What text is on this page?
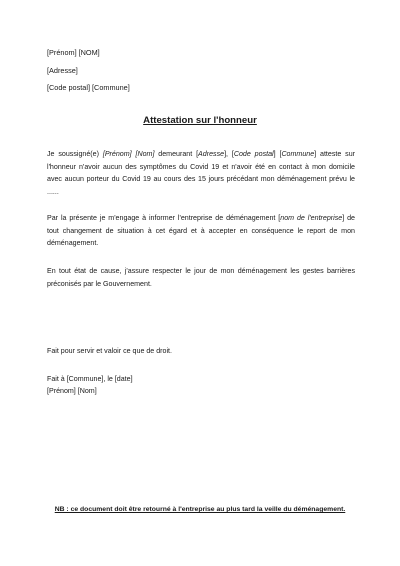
[Prénom] [NOM]
[Adresse]
[Code postal] [Commune]
Attestation sur l'honneur
Je soussigné(e) [Prénom] [Nom] demeurant [Adresse], [Code postal] [Commune] atteste sur l'honneur n'avoir aucun des symptômes du Covid 19 et n'avoir été en contact à mon domicile avec aucun porteur du Covid 19 au cours des 15 jours précédant mon déménagement prévu le ......
Par la présente je m'engage à informer l'entreprise de déménagement [nom de l'entreprise] de tout changement de situation à cet égard et à accepter en conséquence le report de mon déménagement.
En tout état de cause, j'assure respecter le jour de mon déménagement les gestes barrières préconisés par le Gouvernement.
Fait pour servir et valoir ce que de droit.
Fait à [Commune], le [date]
[Prénom] [Nom]
NB : ce document doit être retourné à l'entreprise au plus tard la veille du déménagement.
